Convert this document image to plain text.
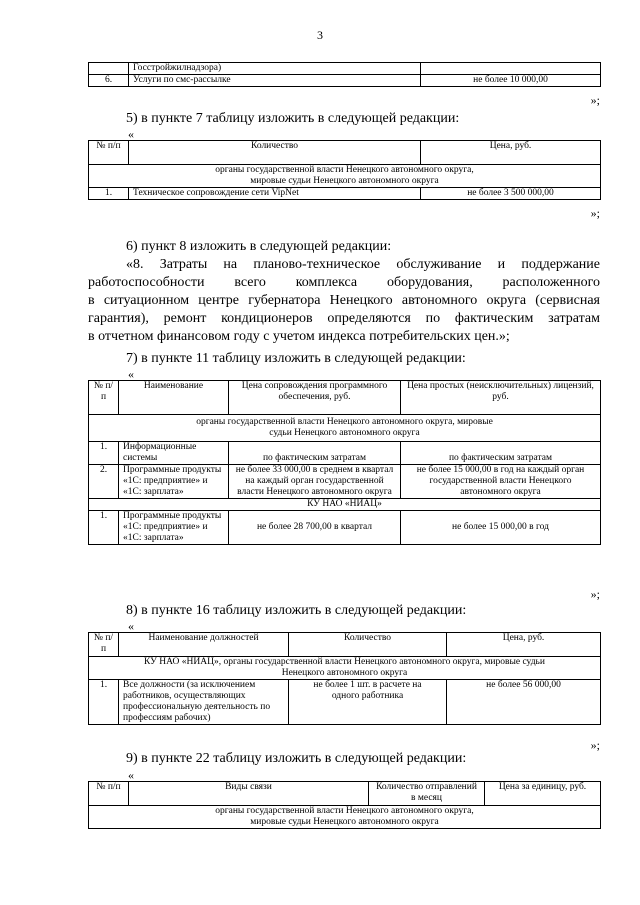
3
	Госстройжилнадзора)	
6.	Услуги по смс-рассылке	не более 10 000,00
»;
5) в пункте 7 таблицу изложить в следующей редакции:
«
№ п/п	Количество	Цена, руб.
органы государственной власти Ненецкого автономного округа, мировые судьи Ненецкого автономного округа		
1.	Техническое сопровождение сети VipNet	не более 3 500 000,00
»;
6) пункт 8 изложить в следующей редакции:
«8. Затраты на планово-техническое обслуживание и поддержание
работоспособности всего комплекса оборудования, расположенного
в ситуационном центре губернатора Ненецкого автономного округа (сервисная
гарантия), ремонт кондиционеров определяются по фактическим затратам
в отчетном финансовом году с учетом индекса потребительских цен.»;
7) в пункте 11 таблицу изложить в следующей редакции:
«
№ п/п	Наименование	Цена сопровождения программного обеспечения, руб.	Цена простых (неисключительных) лицензий, руб.
органы государственной власти Ненецкого автономного округа, мировые судьи Ненецкого автономного округа			
1.	Информационные системы	по фактическим затратам	по фактическим затратам
2.	Программные продукты «1С: предприятие» и «1С: зарплата»	не более 33 000,00 в среднем в квартал на каждый орган государственной власти Ненецкого автономного округа	не более 15 000,00 в год на каждый орган государственной власти Ненецкого автономного округа
КУ НАО «НИАЦ»			
1.	Программные продукты «1С: предприятие» и «1С: зарплата»	не более 28 700,00 в квартал	не более 15 000,00 в год
»;
8) в пункте 16 таблицу изложить в следующей редакции:
«
№ п/п	Наименование должностей	Количество	Цена, руб.
КУ НАО «НИАЦ», органы государственной власти Ненецкого автономного округа, мировые судьи Ненецкого автономного округа			
1.	Все должности (за исключением работников, осуществляющих профессиональную деятельность по профессиям рабочих)	не более 1 шт. в расчете на одного работника	не более 56 000,00
»;
9) в пункте 22 таблицу изложить в следующей редакции:
«
№ п/п	Виды связи	Количество отправлений в месяц	Цена за единицу, руб.
органы государственной власти Ненецкого автономного округа, мировые судьи Ненецкого автономного округа
